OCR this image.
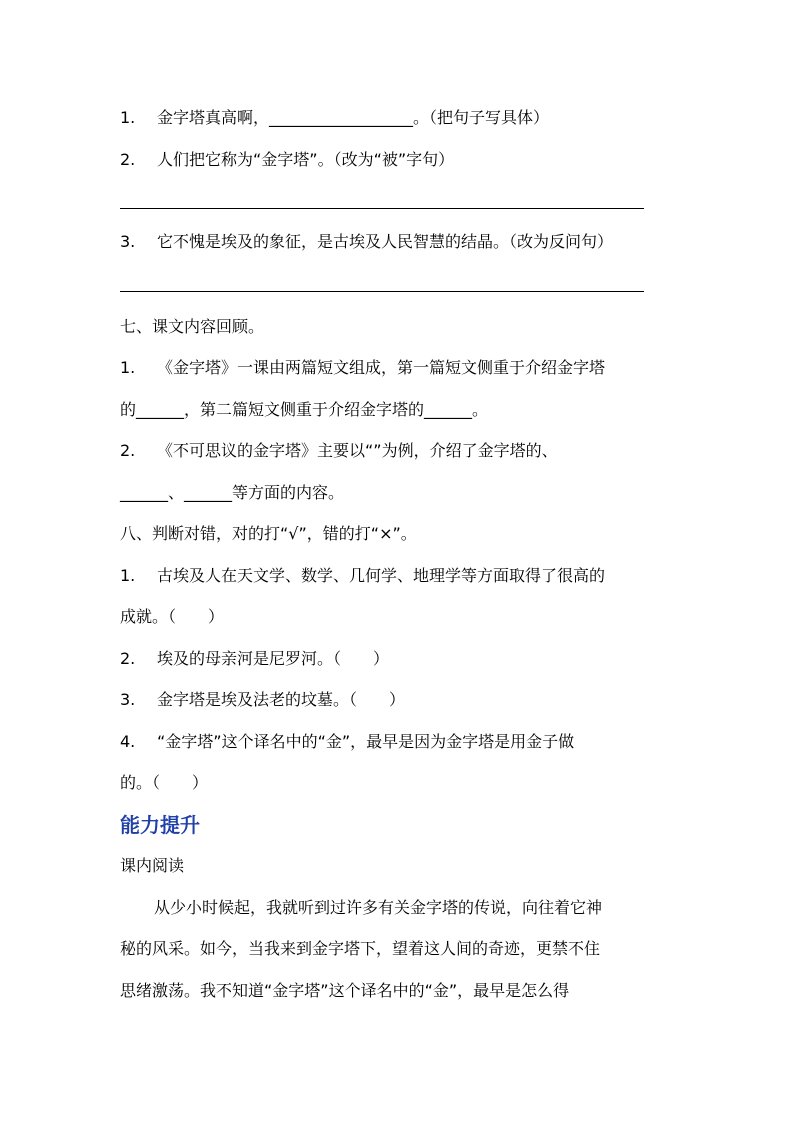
1. 金字塔真高啊，__________________。（把句子写具体）
2. 人们把它称为“金字塔”。（改为“被”字句）
3. 它不愧是埃及的象征，是古埃及人民智慧的结晶。（改为反问句）
七、课文内容回顾。
1. 《金字塔》一课由两篇短文组成，第一篇短文侧重于介绍金字塔
的______，第二篇短文侧重于介绍金字塔的______。
2. 《不可思议的金字塔》主要以“”为例，介绍了金字塔的、
______、______等方面的内容。
八、判断对错，对的打“√”，错的打“×”。
1. 古埃及人在天文学、数学、几何学、地理学等方面取得了很高的
成就。（　　）
2. 埃及的母亲河是尼罗河。（　　）
3. 金字塔是埃及法老的坟墓。（　　）
4. “金字塔”这个译名中的“金”，最早是因为金字塔是用金子做
的。（　　）
能力提升
课内阅读
从少小时候起，我就听到过许多有关金字塔的传说，向往着它神
秘的风采。如今，当我来到金字塔下，望着这人间的奇迹，更禁不住
思绪激荡。我不知道“金字塔”这个译名中的“金”，最早是怎么得
